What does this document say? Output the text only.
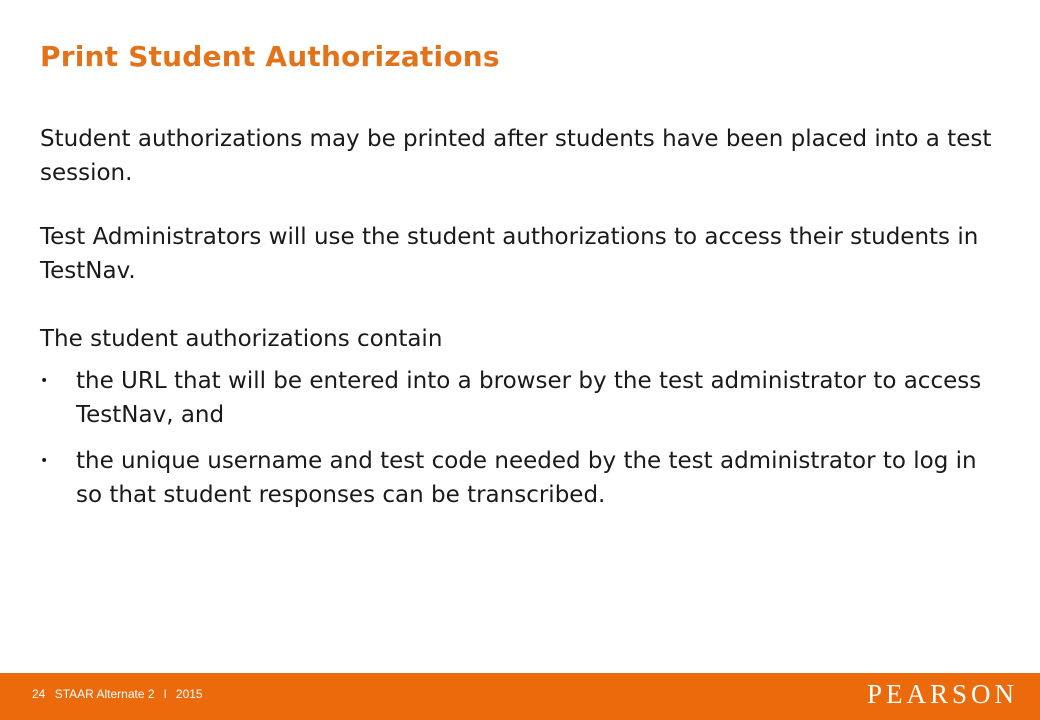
Print Student Authorizations

Student authorizations may be printed after students have been placed into a test session.

Test Administrators will use the student authorizations to access their students in TestNav.

The student authorizations contain

• the URL that will be entered into a browser by the test administrator to access TestNav, and
• the unique username and test code needed by the test administrator to log in so that student responses can be transcribed.
24 STAAR Alternate 2 l 2015	PEARSON
